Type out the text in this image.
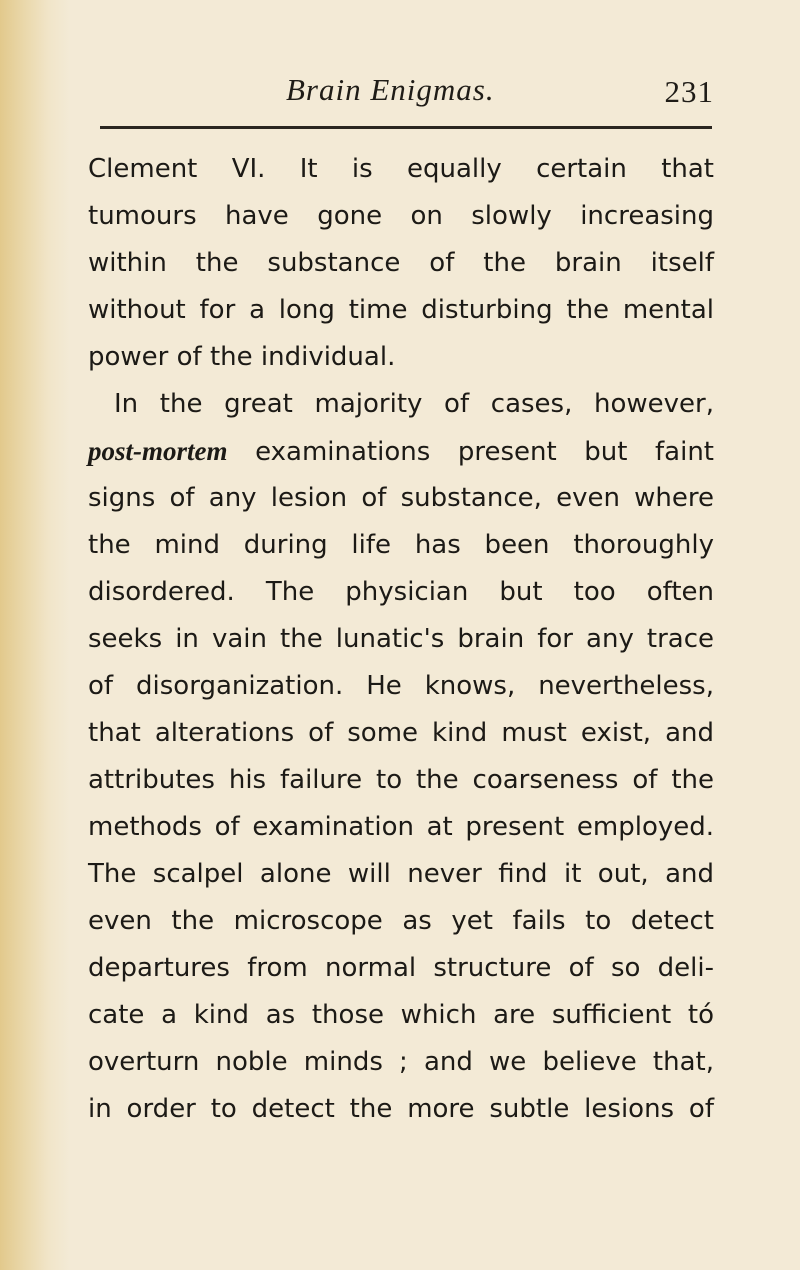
Brain Enigmas.	231
Clement VI. It is equally certain that
tumours have gone on slowly increasing
within the substance of the brain itself
without for a long time disturbing the mental
power of the individual.
In the great majority of cases, however,
post-mortem examinations present but faint
signs of any lesion of substance, even where
the mind during life has been thoroughly
disordered. The physician but too often
seeks in vain the lunatic's brain for any trace
of disorganization. He knows, nevertheless,
that alterations of some kind must exist, and
attributes his failure to the coarseness of the
methods of examination at present employed.
The scalpel alone will never find it out, and
even the microscope as yet fails to detect
departures from normal structure of so deli-
cate a kind as those which are sufficient tó
overturn noble minds ; and we believe that,
in order to detect the more subtle lesions of
